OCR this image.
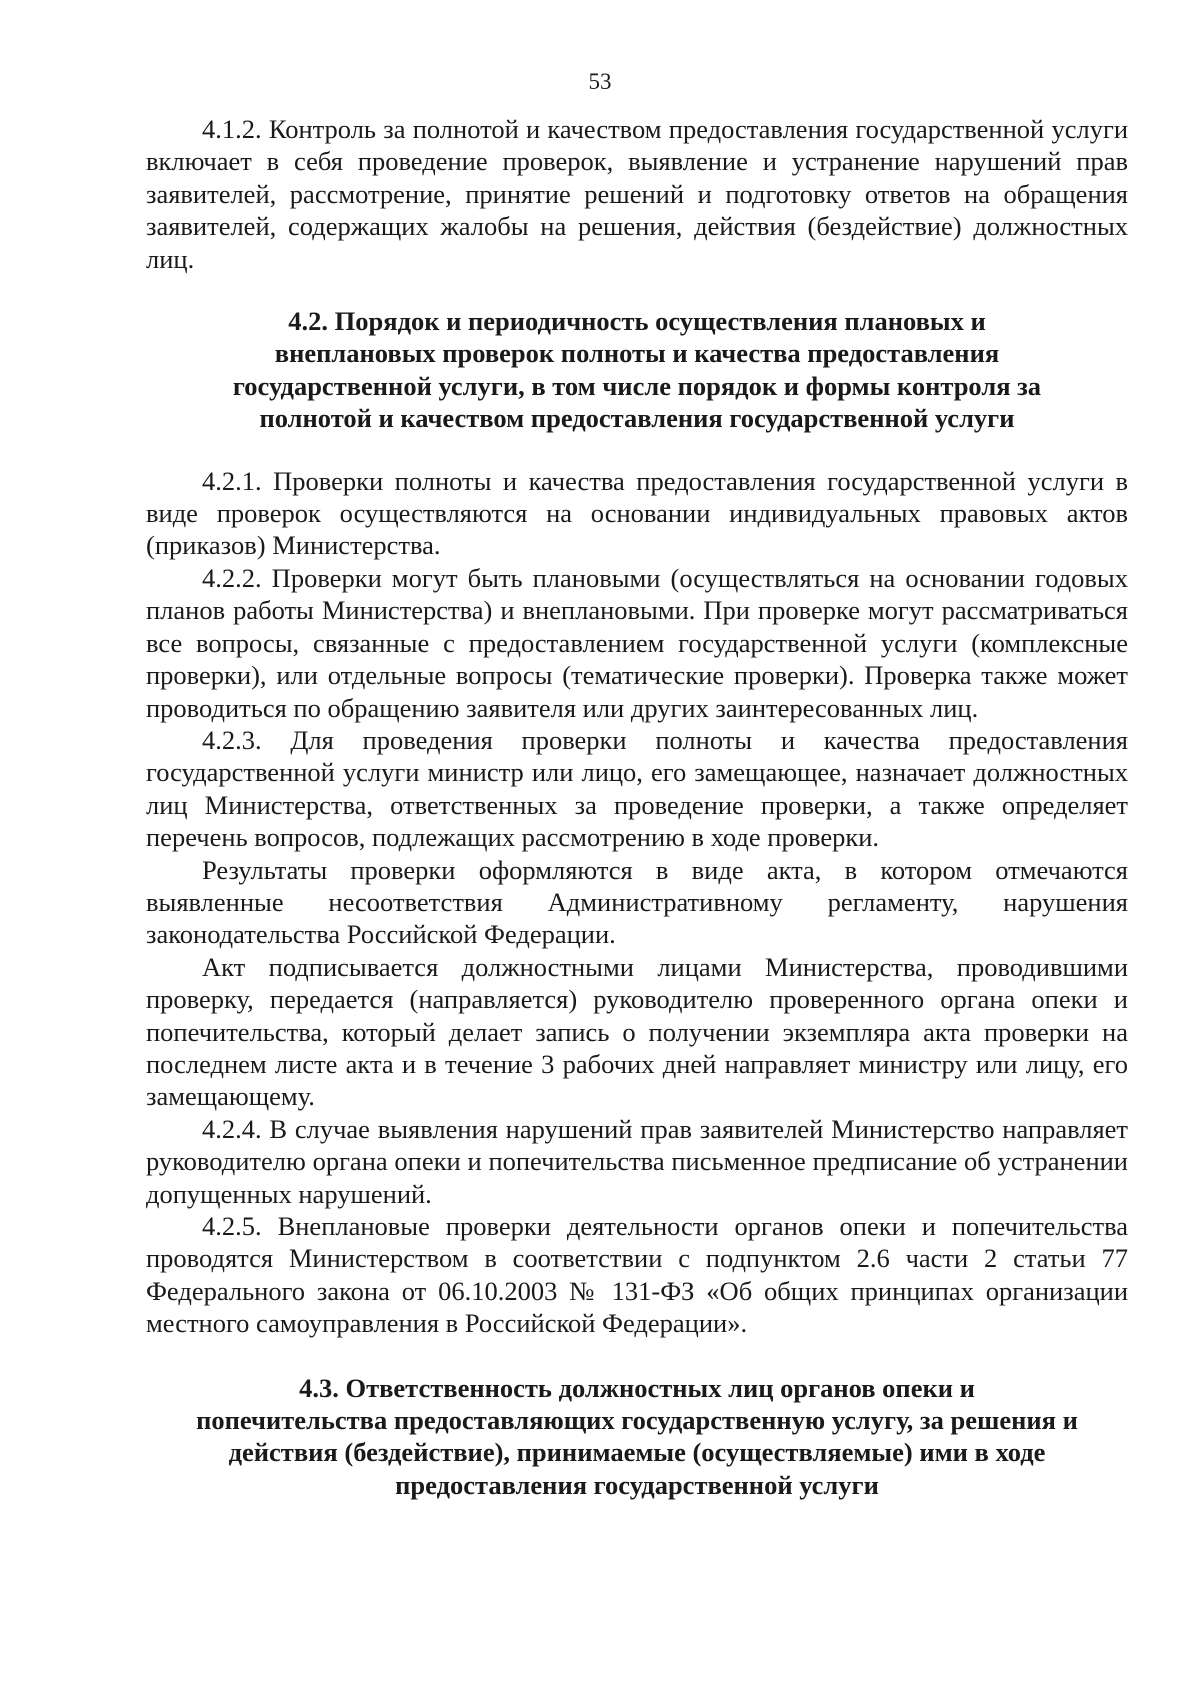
53

4.1.2. Контроль за полнотой и качеством предоставления государственной услуги включает в себя проведение проверок, выявление и устранение нарушений прав заявителей, рассмотрение, принятие решений и подготовку ответов на обращения заявителей, содержащих жалобы на решения, действия (бездействие) должностных лиц.

4.2. Порядок и периодичность осуществления плановых и
внеплановых проверок полноты и качества предоставления
государственной услуги, в том числе порядок и формы контроля за
полнотой и качеством предоставления государственной услуги

4.2.1. Проверки полноты и качества предоставления государственной услуги в виде проверок осуществляются на основании индивидуальных правовых актов (приказов) Министерства.

4.2.2. Проверки могут быть плановыми (осуществляться на основании годовых планов работы Министерства) и внеплановыми. При проверке могут рассматриваться все вопросы, связанные с предоставлением государственной услуги (комплексные проверки), или отдельные вопросы (тематические проверки). Проверка также может проводиться по обращению заявителя или других заинтересованных лиц.

4.2.3. Для проведения проверки полноты и качества предоставления государственной услуги министр или лицо, его замещающее, назначает должностных лиц Министерства, ответственных за проведение проверки, а также определяет перечень вопросов, подлежащих рассмотрению в ходе проверки.

Результаты проверки оформляются в виде акта, в котором отмечаются выявленные несоответствия Административному регламенту, нарушения законодательства Российской Федерации.

Акт подписывается должностными лицами Министерства, проводившими проверку, передается (направляется) руководителю проверенного органа опеки и попечительства, который делает запись о получении экземпляра акта проверки на последнем листе акта и в течение 3 рабочих дней направляет министру или лицу, его замещающему.

4.2.4. В случае выявления нарушений прав заявителей Министерство направляет руководителю органа опеки и попечительства письменное предписание об устранении допущенных нарушений.

4.2.5. Внеплановые проверки деятельности органов опеки и попечительства проводятся Министерством в соответствии с подпунктом 2.6 части 2 статьи 77 Федерального закона от 06.10.2003 № 131-ФЗ «Об общих принципах организации местного самоуправления в Российской Федерации».

4.3. Ответственность должностных лиц органов опеки и
попечительства предоставляющих государственную услугу, за решения и
действия (бездействие), принимаемые (осуществляемые) ими в ходе
предоставления государственной услуги
